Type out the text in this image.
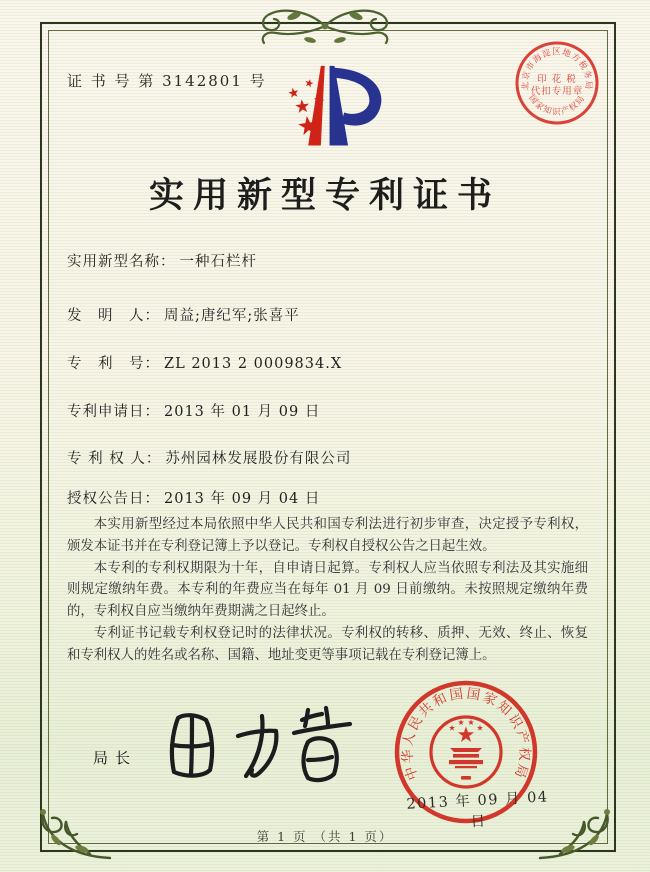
证 书 号 第 3142801 号	北京市海淀区地方税务局
国家知识产权局
印 花 税
代扣专用章
实用新型专利证书
实用新型名称： 一种石栏杆
发　明　人： 周益;唐纪军;张喜平
专　利　号： ZL 2013 2 0009834.X
专利申请日： 2013 年 01 月 09 日
专 利 权 人： 苏州园林发展股份有限公司
授权公告日： 2013 年 09 月 04 日

本实用新型经过本局依照中华人民共和国专利法进行初步审查，决定授予专利权，颁发本证书并在专利登记簿上予以登记。专利权自授权公告之日起生效。

本专利的专利权期限为十年，自申请日起算。专利权人应当依照专利法及其实施细则规定缴纳年费。本专利的年费应当在每年 01 月 09 日前缴纳。未按照规定缴纳年费的，专利权自应当缴纳年费期满之日起终止。

专利证书记载专利权登记时的法律状况。专利权的转移、质押、无效、终止、恢复和专利权人的姓名或名称、国籍、地址变更等事项记载在专利登记簿上。

局长
中华人民共和国国家知识产权局
2013 年 09 月 04 日
第 1 页 （共 1 页）
